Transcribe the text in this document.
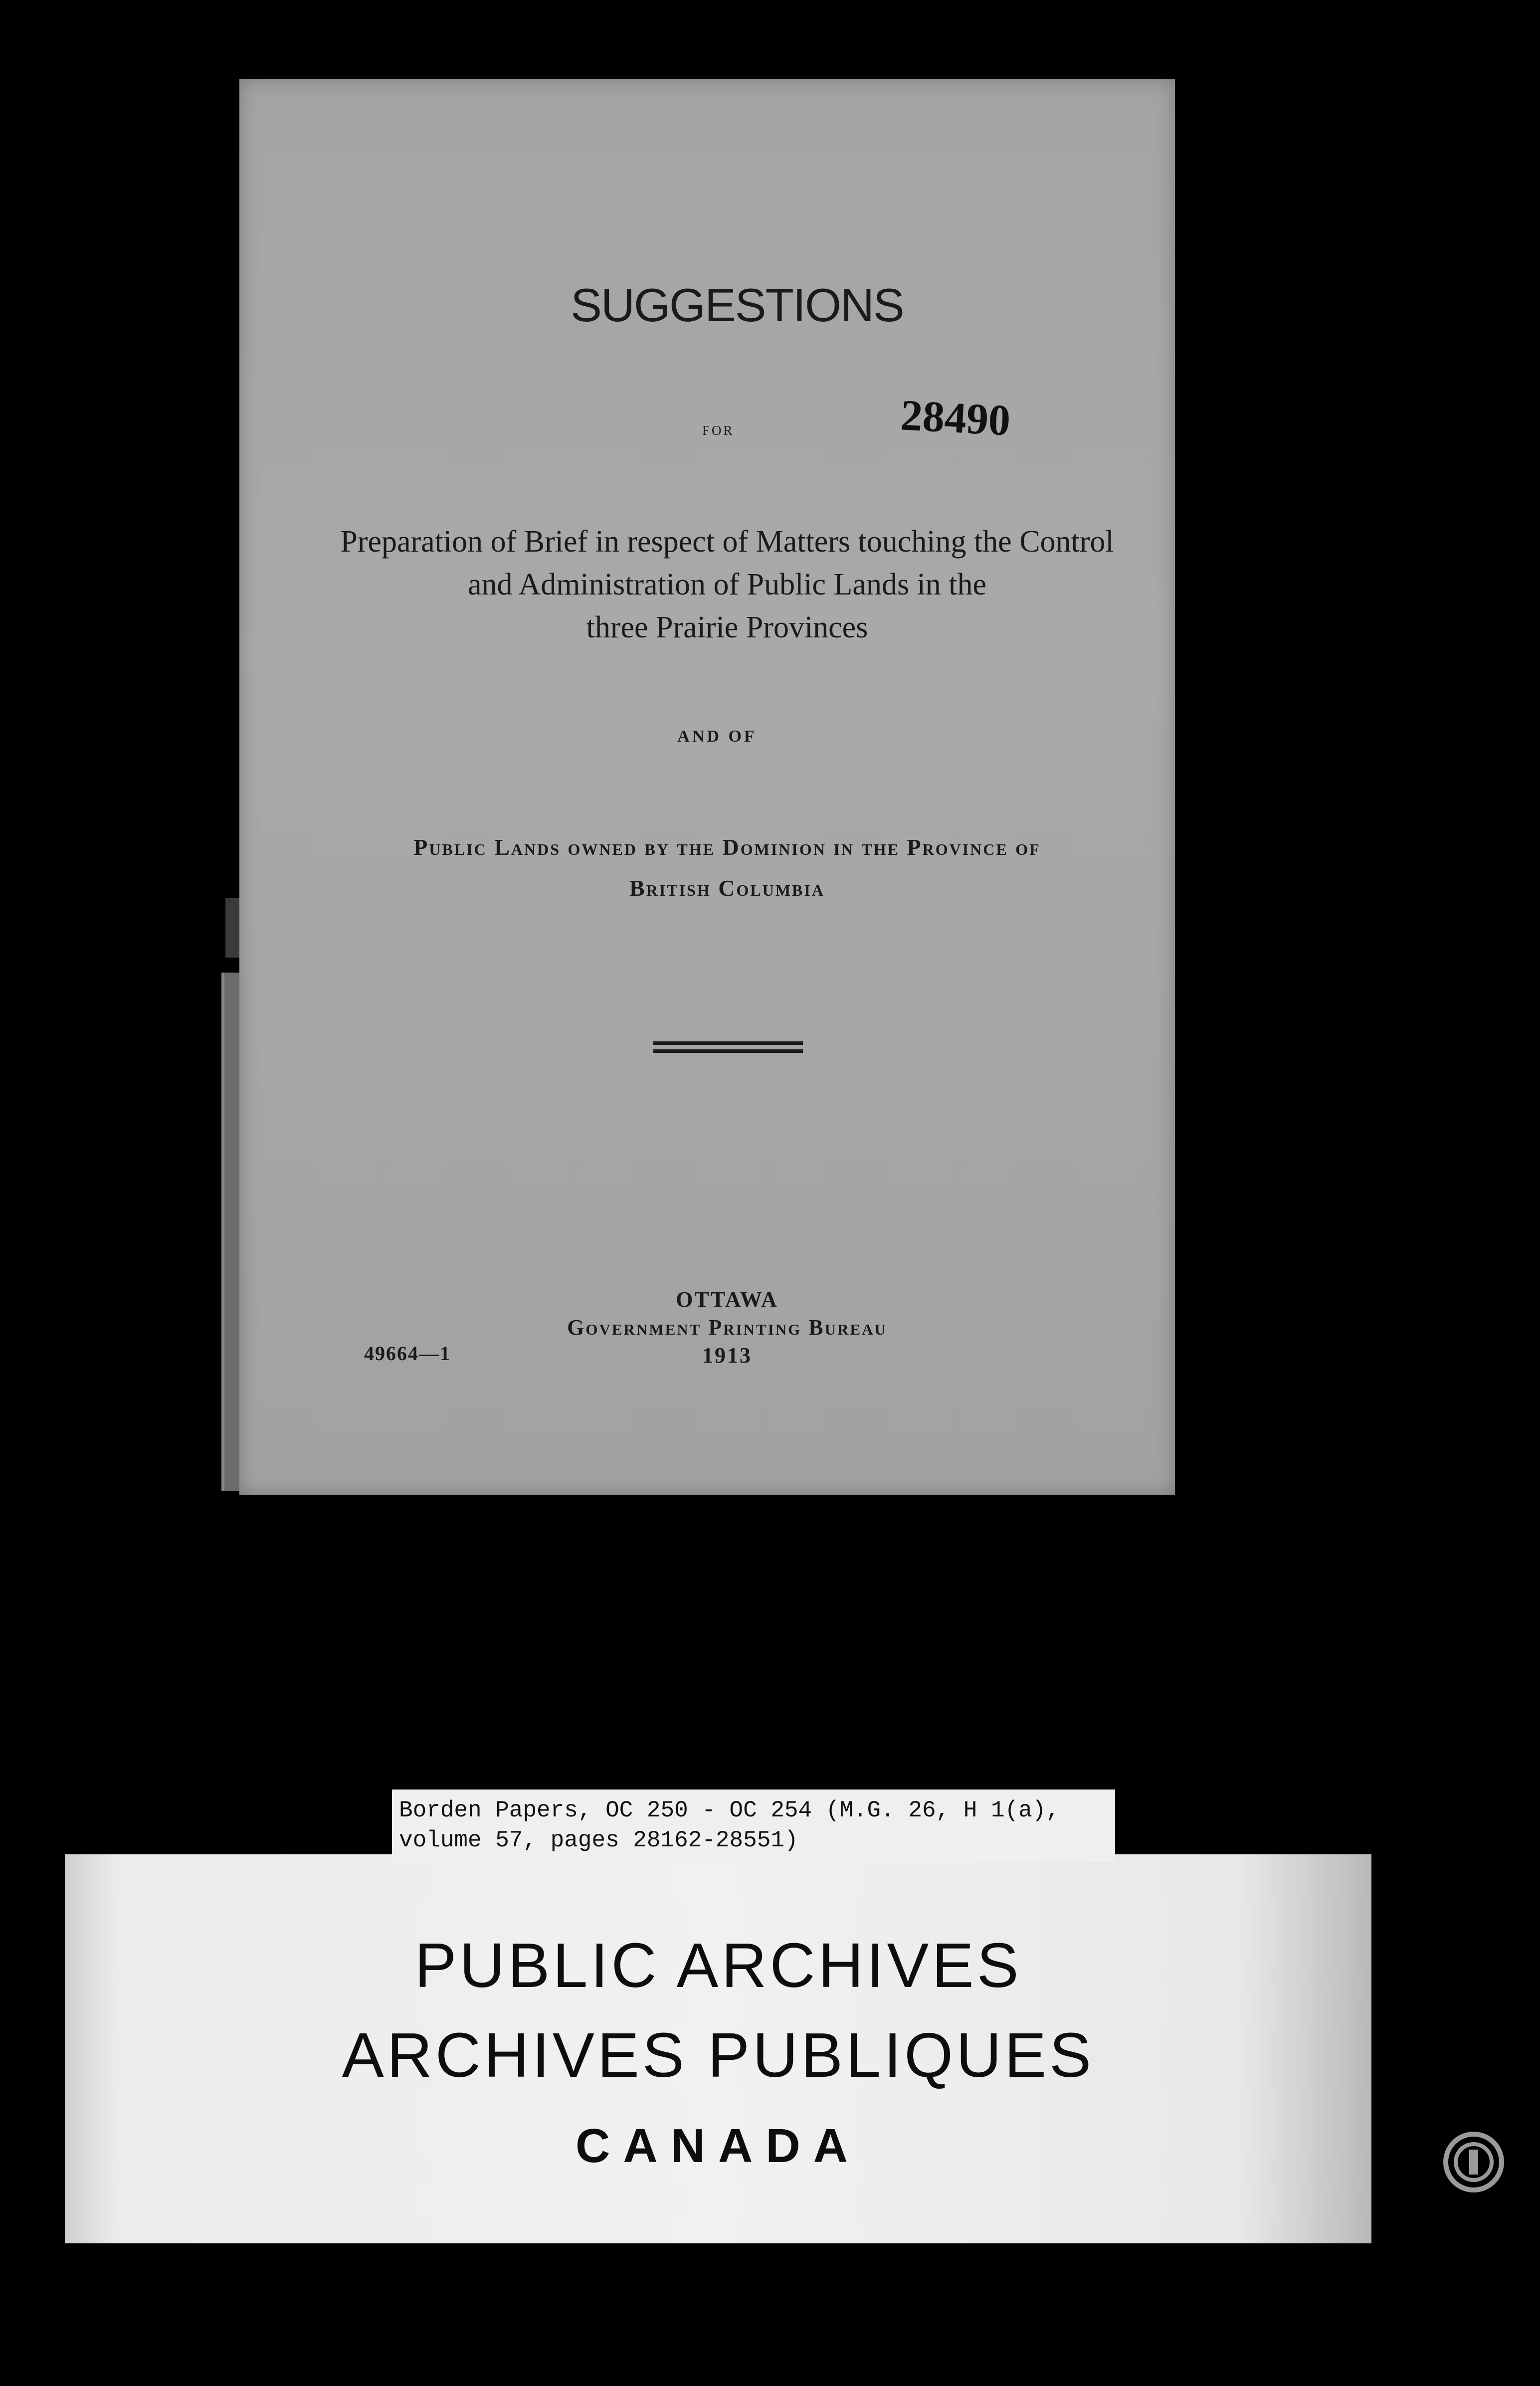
SUGGESTIONS
for	28490
Preparation of Brief in respect of Matters touching the Control
and Administration of Public Lands in the
three Prairie Provinces
AND OF
Public Lands owned by the Dominion in the Province of
British Columbia
OTTAWA
Government Printing Bureau
1913
49664—1
PUBLIC ARCHIVES
ARCHIVES PUBLIQUES
CANADA
Borden Papers, OC 250 - OC 254 (M.G. 26, H 1(a),
volume 57, pages 28162-28551)
